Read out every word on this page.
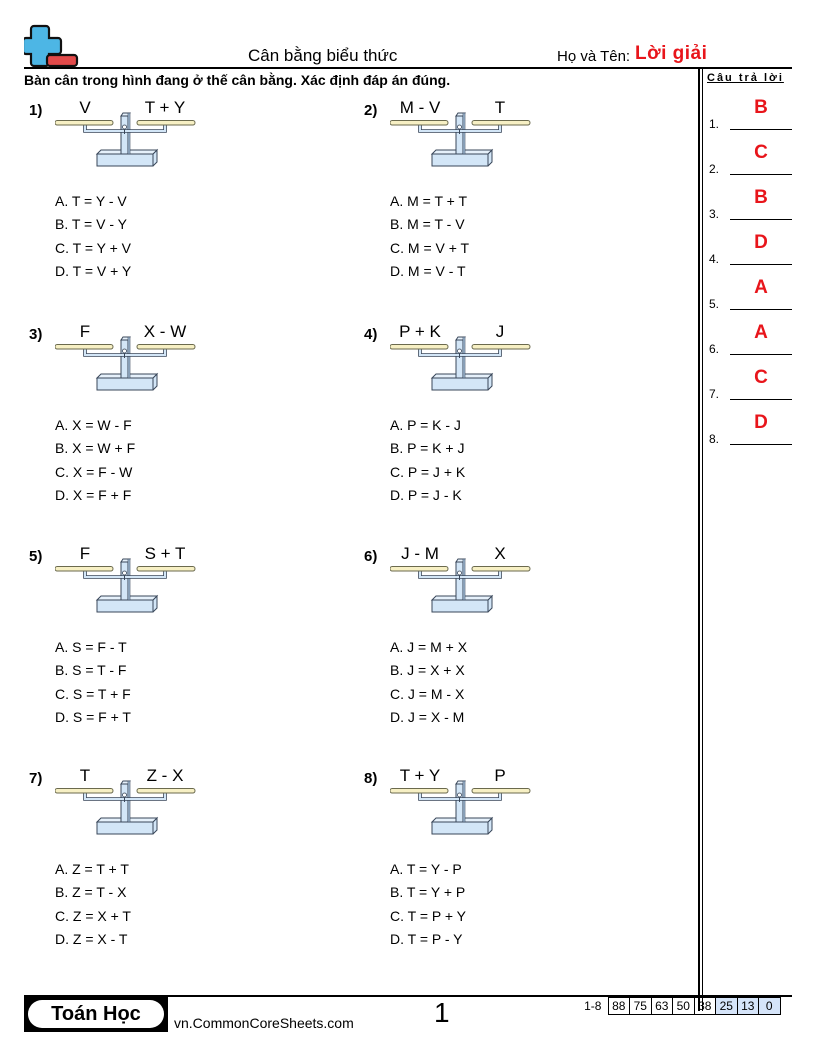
Cân bằng biểu thức	Họ và Tên: Lời giải
Bàn cân trong hình đang ở thế cân bằng. Xác định đáp án đúng.	Câu trả lời
1.
B
2.
C
3.
B
4.
D
5.
A
6.
A
7.
C
8.
D
1)	V	T + Y
A. T = Y - V
B. T = V - Y
C. T = Y + V
D. T = V + Y
2)	M - V	T
A. M = T + T
B. M = T - V
C. M = V + T
D. M = V - T
3)	F	X - W
A. X = W - F
B. X = W + F
C. X = F - W
D. X = F + F
4)	P + K	J
A. P = K - J
B. P = K + J
C. P = J + K
D. P = J - K
5)	F	S + T
A. S = F - T
B. S = T - F
C. S = T + F
D. S = F + T
6)	J - M	X
A. J = M + X
B. J = X + X
C. J = M - X
D. J = X - M
7)	T	Z - X
A. Z = T + T
B. Z = T - X
C. Z = X + T
D. Z = X - T
8)	T + Y	P
A. T = Y - P
B. T = Y + P
C. T = P + Y
D. T = P - Y
Toán Học	vn.CommonCoreSheets.com	1	1-8	88	75	63	50	38	25	13	0
